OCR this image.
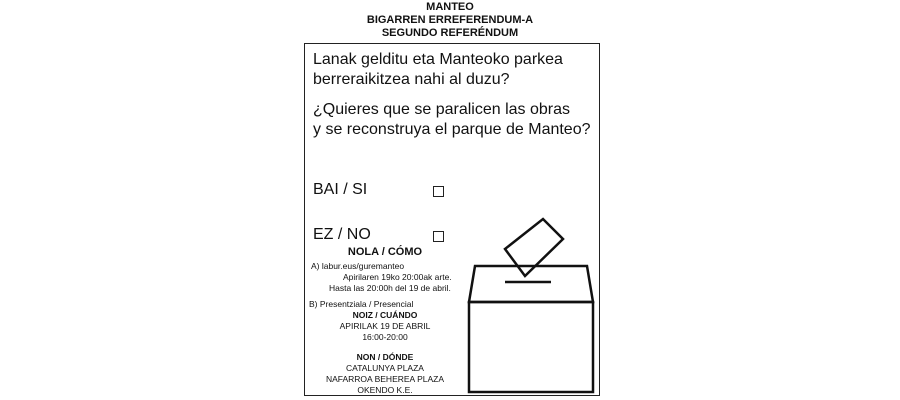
MANTEO
BIGARREN ERREFERENDUM-A
SEGUNDO REFERÉNDUM
Lanak gelditu eta Manteoko parkea
berreraikitzea nahi al duzu?
¿Quieres que se paralicen las obras
y se reconstruya el parque de Manteo?
BAI / SI
EZ / NO
NOLA / CÓMO
A) labur.eus/guremanteo
Apirilaren 19ko 20:00ak arte.
Hasta las 20:00h del 19 de abril.
B) Presentziala / Presencial
NOIZ / CUÁNDO
APIRILAK 19 DE ABRIL
16:00-20:00
NON / DÓNDE
CATALUNYA PLAZA
NAFARROA BEHEREA PLAZA
OKENDO K.E.
